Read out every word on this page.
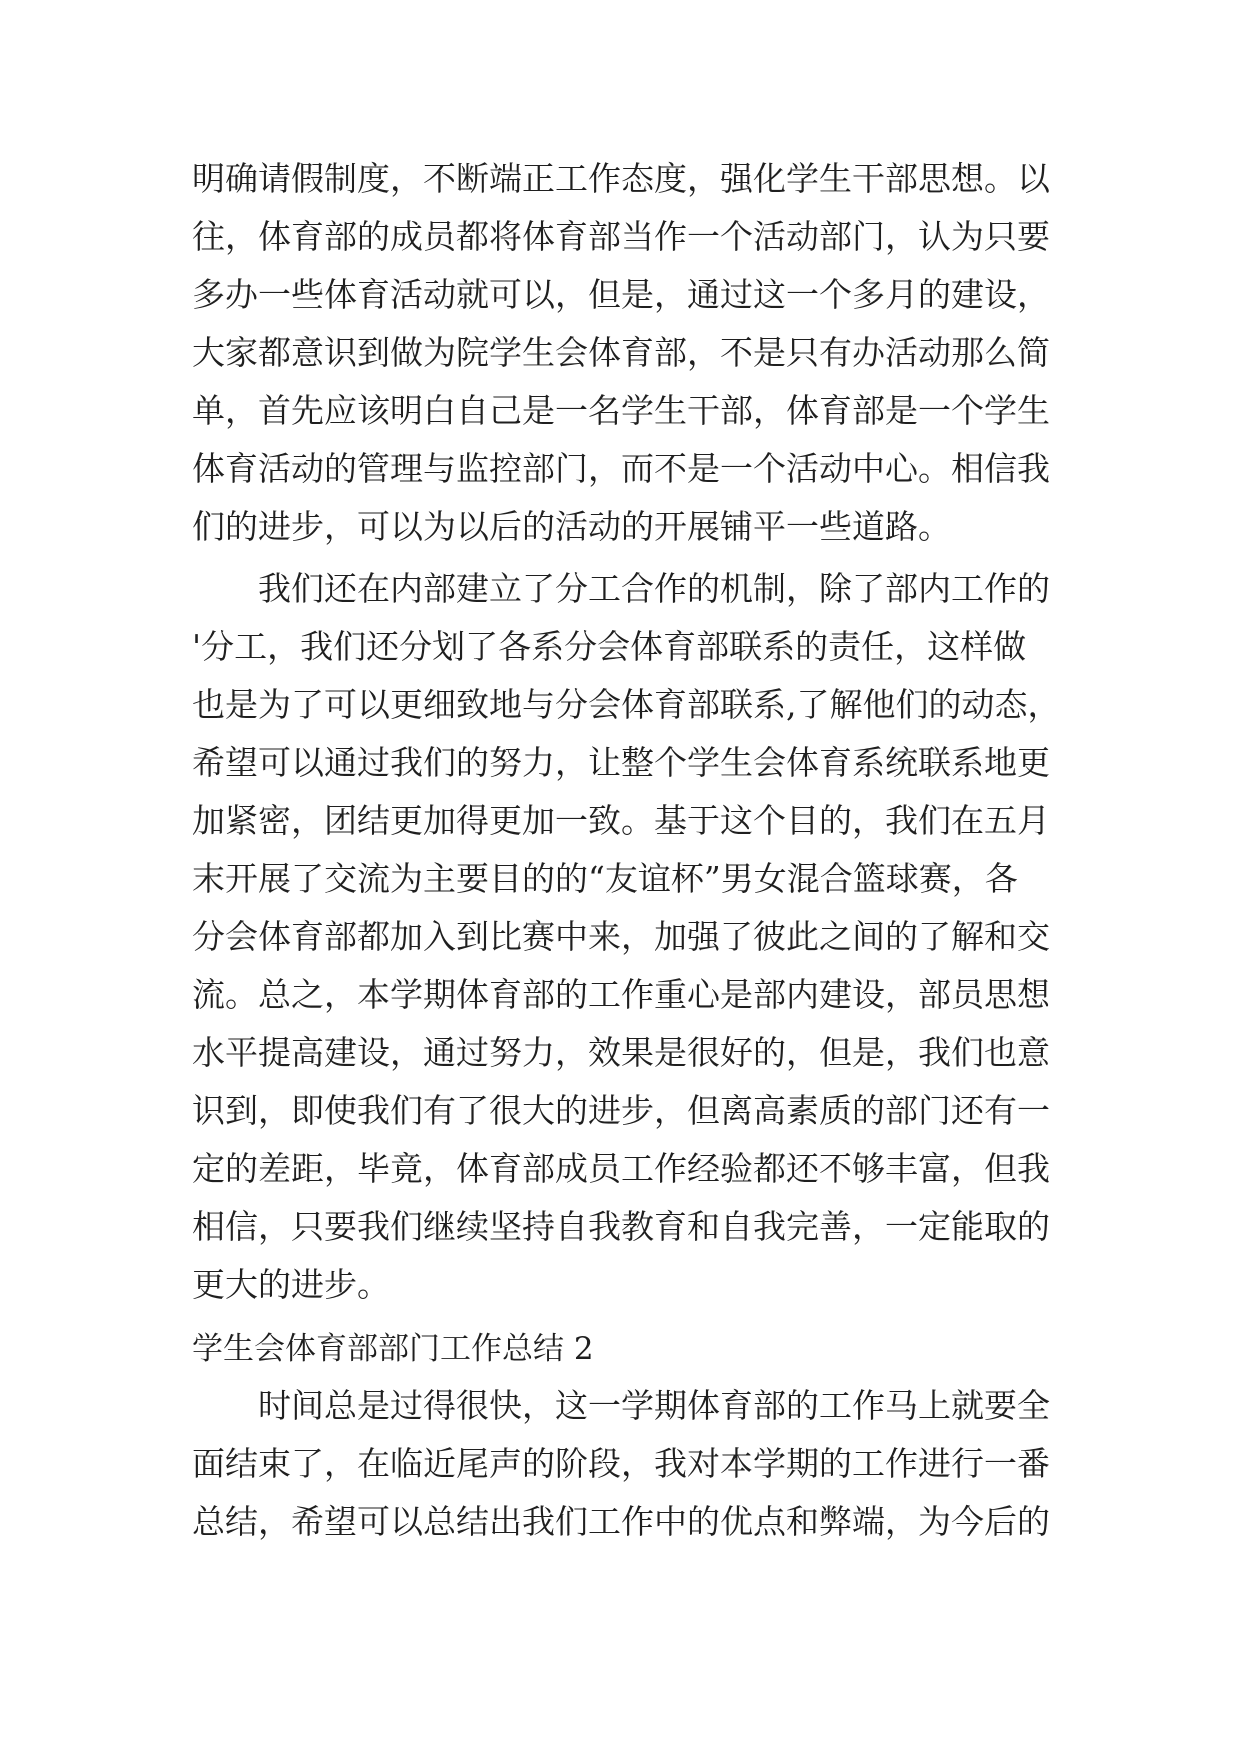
明确请假制度，不断端正工作态度，强化学生干部思想。以
往，体育部的成员都将体育部当作一个活动部门，认为只要
多办一些体育活动就可以，但是，通过这一个多月的建设，
大家都意识到做为院学生会体育部，不是只有办活动那么简
单，首先应该明白自己是一名学生干部，体育部是一个学生
体育活动的管理与监控部门，而不是一个活动中心。相信我
们的进步，可以为以后的活动的开展铺平一些道路。
我们还在内部建立了分工合作的机制，除了部内工作的
'分工，我们还分划了各系分会体育部联系的责任，这样做
也是为了可以更细致地与分会体育部联系,了解他们的动态，
希望可以通过我们的努力，让整个学生会体育系统联系地更
加紧密，团结更加得更加一致。基于这个目的，我们在五月
末开展了交流为主要目的的“友谊杯”男女混合篮球赛，各
分会体育部都加入到比赛中来，加强了彼此之间的了解和交
流。总之，本学期体育部的工作重心是部内建设，部员思想
水平提高建设，通过努力，效果是很好的，但是，我们也意
识到，即使我们有了很大的进步，但离高素质的部门还有一
定的差距，毕竟，体育部成员工作经验都还不够丰富，但我
相信，只要我们继续坚持自我教育和自我完善，一定能取的
更大的进步。
学生会体育部部门工作总结 2
时间总是过得很快，这一学期体育部的工作马上就要全
面结束了，在临近尾声的阶段，我对本学期的工作进行一番
总结，希望可以总结出我们工作中的优点和弊端，为今后的
